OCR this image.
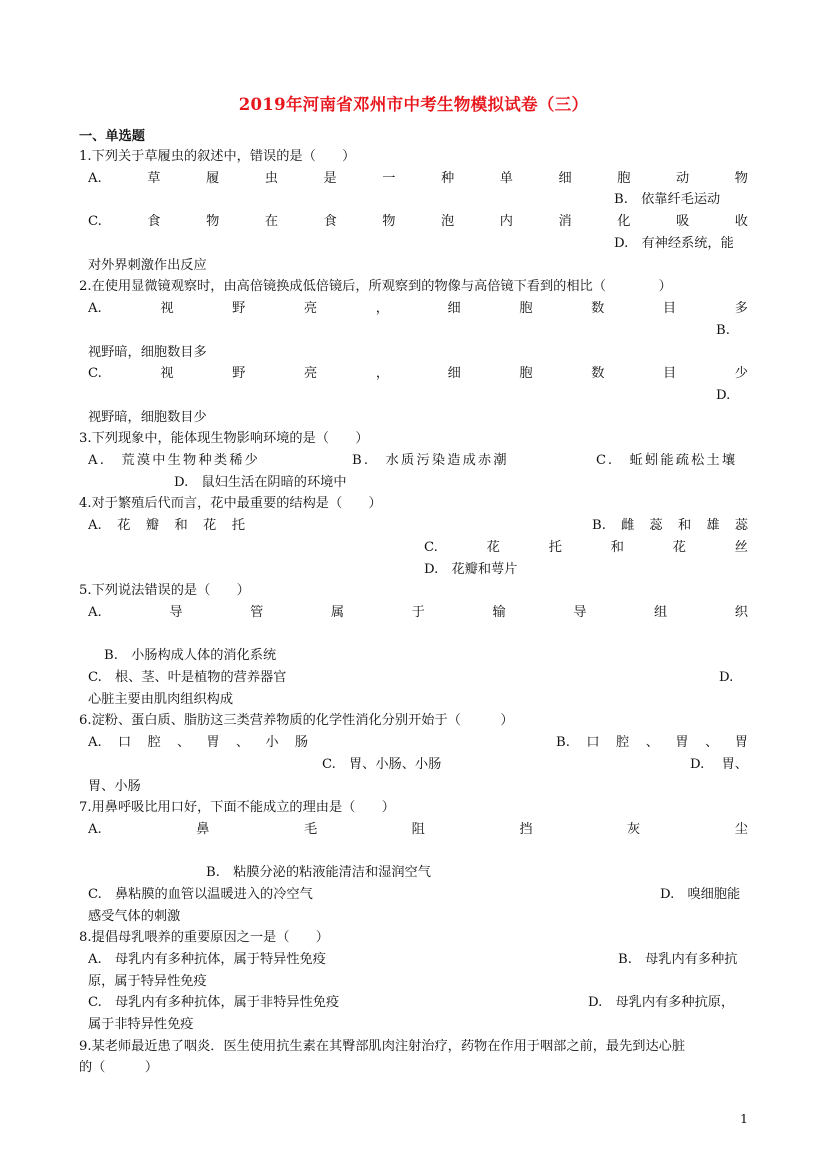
2019年河南省邓州市中考生物模拟试卷（三）
一、单选题
1.下列关于草履虫的叙述中，错误的是（　　）
A.	草	履	虫	是	一	种	单	细	胞	动	物
B.　依靠纤毛运动
C.	食	物	在	食	物	泡	内	消	化	吸	收
D.　有神经系统，能
对外界刺激作出反应
2.在使用显微镜观察时，由高倍镜换成低倍镜后，所观察到的物像与高倍镜下看到的相比（　　　　）
A.	视	野	亮	，	细	胞	数	目	多
B.
视野暗，细胞数目多
C.	视	野	亮	，	细	胞	数	目	少
D.
视野暗，细胞数目少
3.下列现象中，能体现生物影响环境的是（　　）
A.　荒漠中生物种类稀少	B.　水质污染造成赤潮	C.　蚯蚓能疏松土壤
D.　鼠妇生活在阴暗的环境中
4.对于繁殖后代而言，花中最重要的结构是（　　）
A. 花 瓣 和 花 托	B. 雌 蕊 和 雄 蕊
C.	花	托	和	花	丝
D.　花瓣和萼片
5.下列说法错误的是（　　）
A.	导	管	属	于	输	导	组	织
B.　小肠构成人体的消化系统
C.　根、茎、叶是植物的营养器官	D.
心脏主要由肌肉组织构成
6.淀粉、蛋白质、脂肪这三类营养物质的化学性消化分别开始于（　　　）
A. 口 腔 、 胃 、 小 肠	B. 口 腔 、 胃 、 胃
C.　胃、小肠、小肠	D. 胃、
胃、小肠
7.用鼻呼吸比用口好，下面不能成立的理由是（　　）
A.	鼻	毛	阻	挡	灰	尘
B.　粘膜分泌的粘液能清洁和湿润空气
C.　鼻粘膜的血管以温暖进入的冷空气	D.　嗅细胞能
感受气体的刺激
8.提倡母乳喂养的重要原因之一是（　　）
A.　母乳内有多种抗体，属于特异性免疫	B.　母乳内有多种抗
原，属于特异性免疫
C.　母乳内有多种抗体，属于非特异性免疫	D.　母乳内有多种抗原，
属于非特异性免疫
9.某老师最近患了咽炎．医生使用抗生素在其臀部肌肉注射治疗，药物在作用于咽部之前，最先到达心脏
的（　　　）
1
